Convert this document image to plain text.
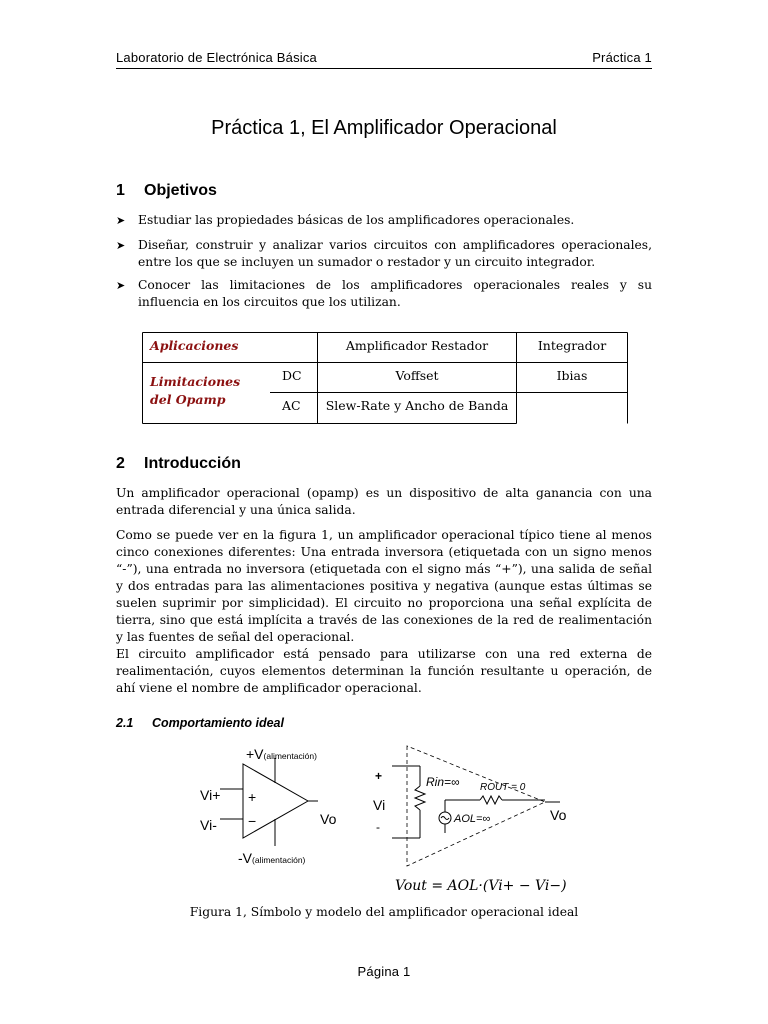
Laboratorio de Electrónica Básica	Práctica 1
Práctica 1, El Amplificador Operacional
1 Objetivos
➤ Estudiar las propiedades básicas de los amplificadores operacionales.
➤ Diseñar, construir y analizar varios circuitos con amplificadores operacionales, entre los que se incluyen un sumador o restador y un circuito integrador.
➤ Conocer las limitaciones de los amplificadores operacionales reales y su influencia en los circuitos que los utilizan.
Aplicaciones	Amplificador Restador	Integrador
Limitaciones del Opamp
DC	Voffset	Ibias
AC	Slew-Rate y Ancho de Banda
2 Introducción
Un amplificador operacional (opamp) es un dispositivo de alta ganancia con una entrada diferencial y una única salida.
Como se puede ver en la figura 1, un amplificador operacional típico tiene al menos cinco conexiones diferentes: Una entrada inversora (etiquetada con un signo menos “-”), una entrada no inversora (etiquetada con el signo más “+”), una salida de señal y dos entradas para las alimentaciones positiva y negativa (aunque estas últimas se suelen suprimir por simplicidad). El circuito no proporciona una señal explícita de tierra, sino que está implícita a través de las conexiones de la red de realimentación y las fuentes de señal del operacional.
El circuito amplificador está pensado para utilizarse con una red externa de realimentación, cuyos elementos determinan la función resultante u operación, de ahí viene el nombre de amplificador operacional.
2.1 Comportamiento ideal
+V(alimentación)
-V(alimentación)
Vi+
Vi-	Vo
+
−
+
-
Vi
Vo
Rin=∞ ROUT = 0
AOL=∞
Vout = AOL·(Vi+ − Vi−)
Figura 1, Símbolo y modelo del amplificador operacional ideal
Página 1
